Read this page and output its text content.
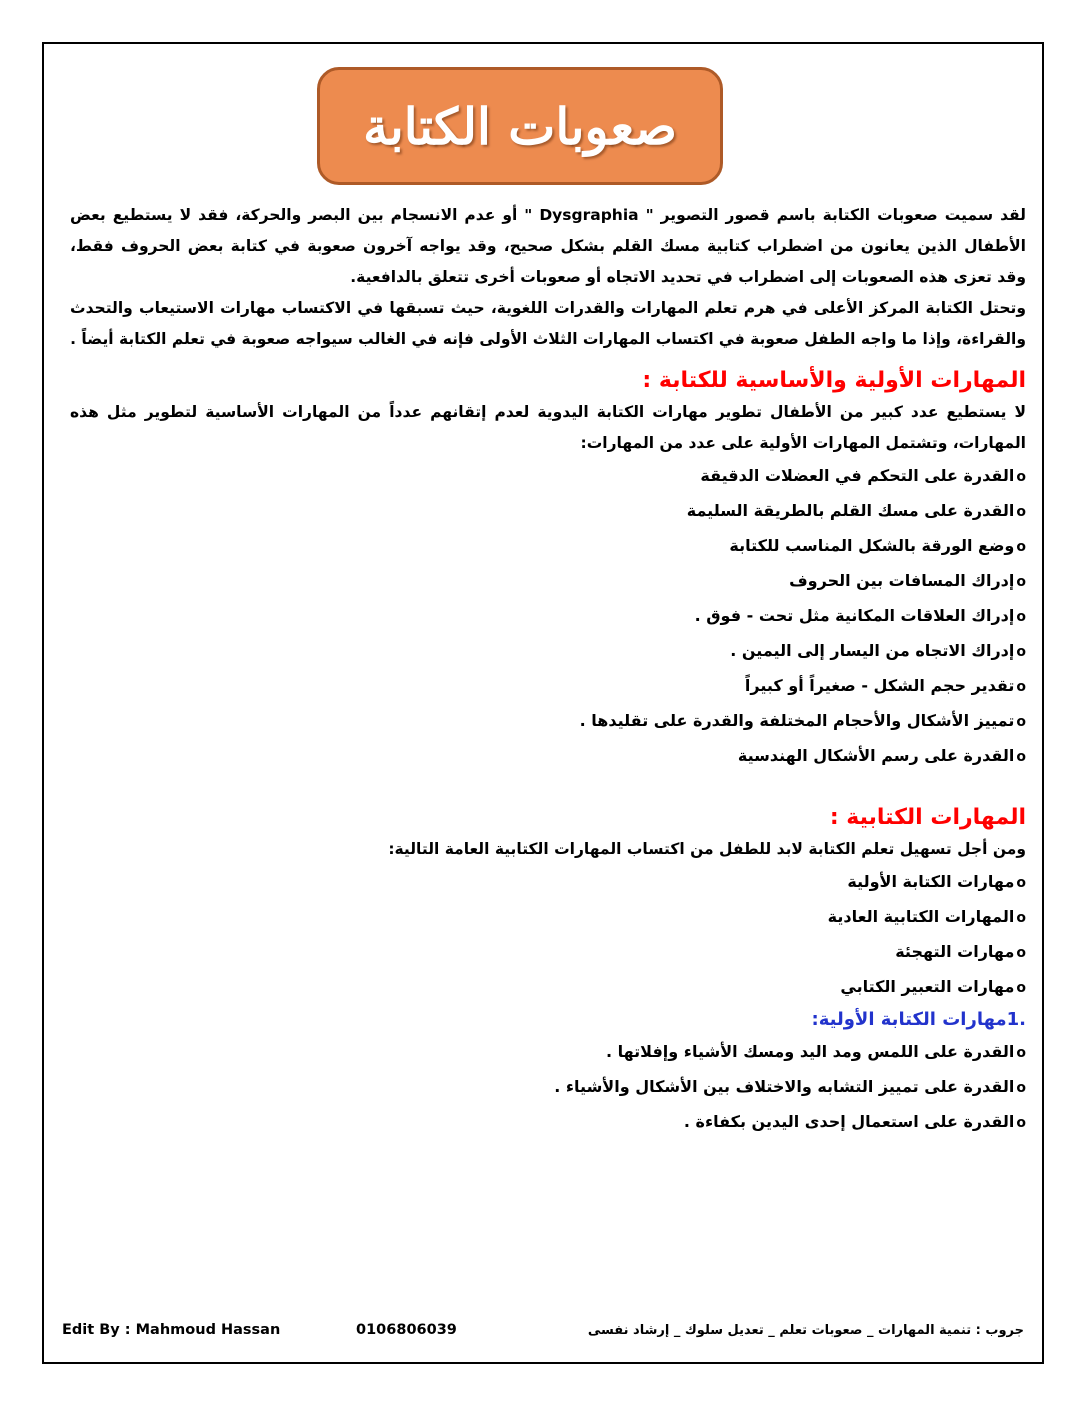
صعوبات الكتابة

لقد سميت صعوبات الكتابة باسم قصور التصوير " Dysgraphia " أو عدم الانسجام بين البصر والحركة، فقد لا يستطيع بعض الأطفال الذين يعانون من اضطراب كتابية مسك القلم بشكل صحيح، وقد يواجه آخرون صعوبة في كتابة بعض الحروف فقط، وقد تعزى هذه الصعوبات إلى اضطراب في تحديد الاتجاه أو صعوبات أخرى تتعلق بالدافعية.

وتحتل الكتابة المركز الأعلى في هرم تعلم المهارات والقدرات اللغوية، حيث تسبقها في الاكتساب مهارات الاستيعاب والتحدث والقراءة، وإذا ما واجه الطفل صعوبة في اكتساب المهارات الثلاث الأولى فإنه في الغالب سيواجه صعوبة في تعلم الكتابة أيضاً .

المهارات الأولية والأساسية للكتابة :

لا يستطيع عدد كبير من الأطفال تطوير مهارات الكتابة اليدوية لعدم إتقانهم عدداً من المهارات الأساسية لتطوير مثل هذه المهارات، وتشتمل المهارات الأولية على عدد من المهارات:

o
القدرة على التحكم في العضلات الدقيقة
o
القدرة على مسك القلم بالطريقة السليمة
o
وضع الورقة بالشكل المناسب للكتابة
o
إدراك المسافات بين الحروف
o
إدراك العلاقات المكانية مثل تحت - فوق .
o
إدراك الاتجاه من اليسار إلى اليمين .
o
تقدير حجم الشكل - صغيراً أو كبيراً
o
تمييز الأشكال والأحجام المختلفة والقدرة على تقليدها .
o
القدرة على رسم الأشكال الهندسية
المهارات الكتابية :

ومن أجل تسهيل تعلم الكتابة لابد للطفل من اكتساب المهارات الكتابية العامة التالية:

o
مهارات الكتابة الأولية
o
المهارات الكتابية العادية
o
مهارات التهجئة
o
مهارات التعبير الكتابي
.1مهارات الكتابة الأولية:
o
القدرة على اللمس ومد اليد ومسك الأشياء وإفلاتها .
o
القدرة على تمييز التشابه والاختلاف بين الأشكال والأشياء .
o
القدرة على استعمال إحدى اليدين بكفاءة .
Edit By : Mahmoud Hassan	0106806039	جروب : تنمية المهارات _ صعوبات تعلم _ تعديل سلوك _ إرشاد نفسى
